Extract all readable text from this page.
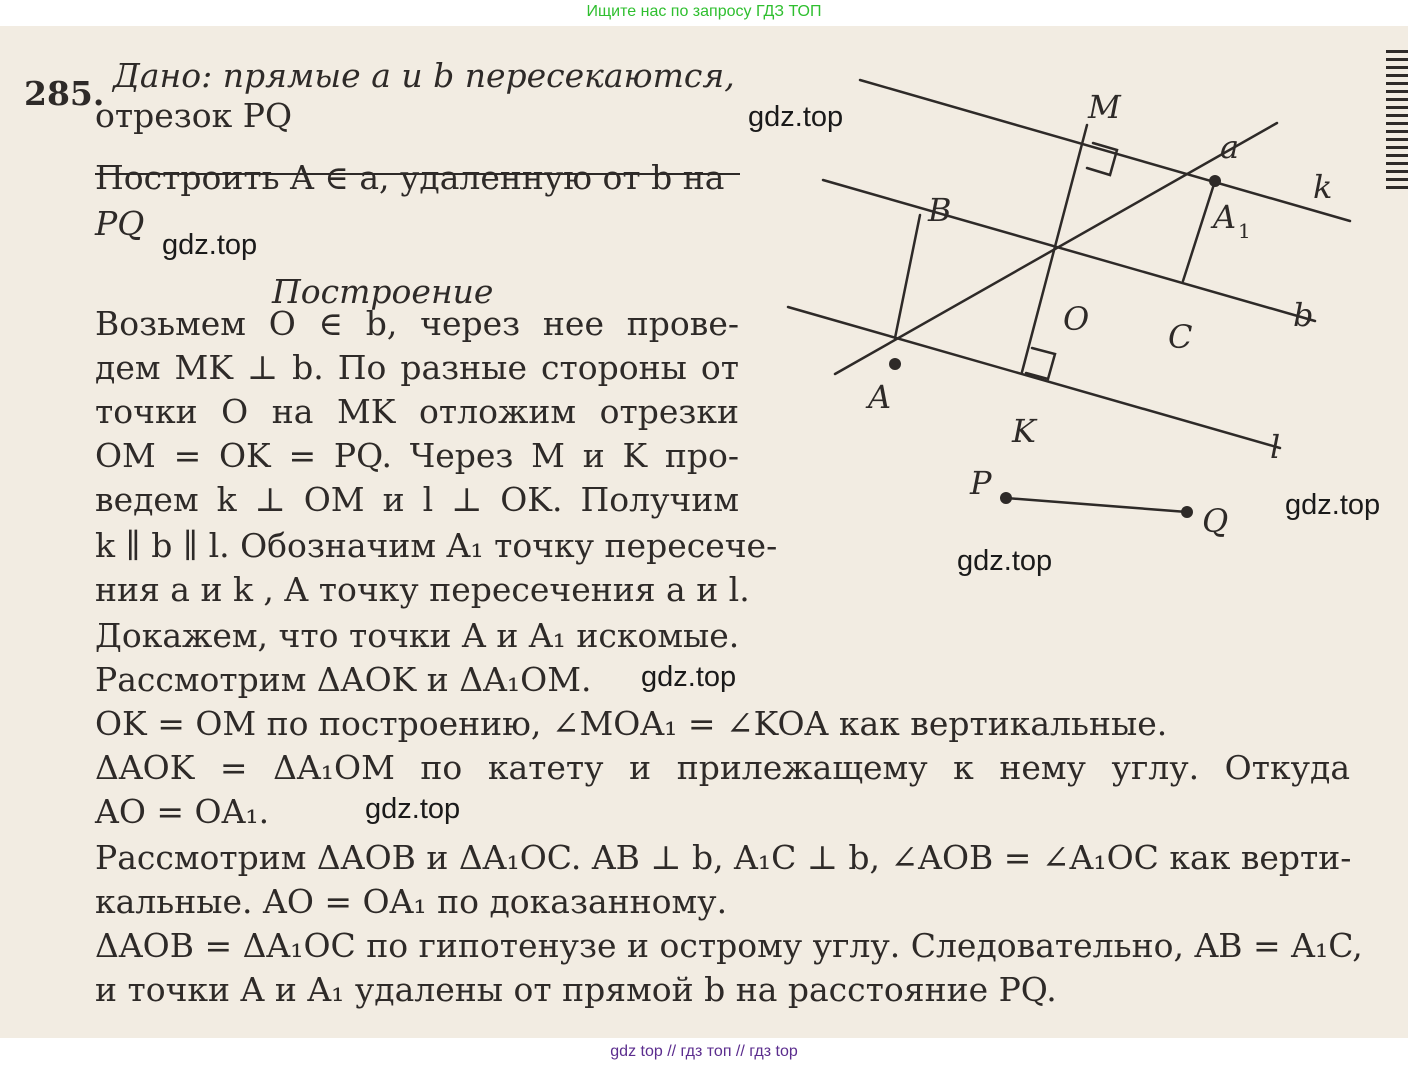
Ищите нас по запросу ГДЗ ТОП
285. Дано: прямые a и b пересекаются,
отрезок PQ
Построить A ∈ a, удаленную от b на
PQ
Построение
Возьмем O ∈ b, через нее прове-
дем MK ⊥ b. По разные стороны от
точки O на MK отложим отрезки
OM = OK = PQ. Через M и K про-
ведем k ⊥ OM и l ⊥ OK. Получим
k ∥ b ∥ l. Обозначим A₁ точку пересече-
ния a и k , A точку пересечения a и l.
Докажем, что точки A и A₁ искомые.
Рассмотрим ΔAOK и ΔA₁OM.
OK = OM по построению, ∠MOA₁ = ∠KOA как вертикальные.
ΔAOK = ΔA₁OM по катету и прилежащему к нему углу. Откуда
AO = OA₁.
Рассмотрим ΔAOB и ΔA₁OC. AB ⊥ b, A₁C ⊥ b, ∠AOB = ∠A₁OC как верти-
кальные. AO = OA₁ по доказанному.
ΔAOB = ΔA₁OC по гипотенузе и острому углу. Следовательно, AB = A₁C,
и точки A и A₁ удалены от прямой b на расстояние PQ.
M
a
k
B	A 1
O C
b
A
K	l
P
Q
gdz.top
gdz.top
gdz.top
gdz.top
gdz.top
gdz.top
gdz top // гдз топ // гдз top
